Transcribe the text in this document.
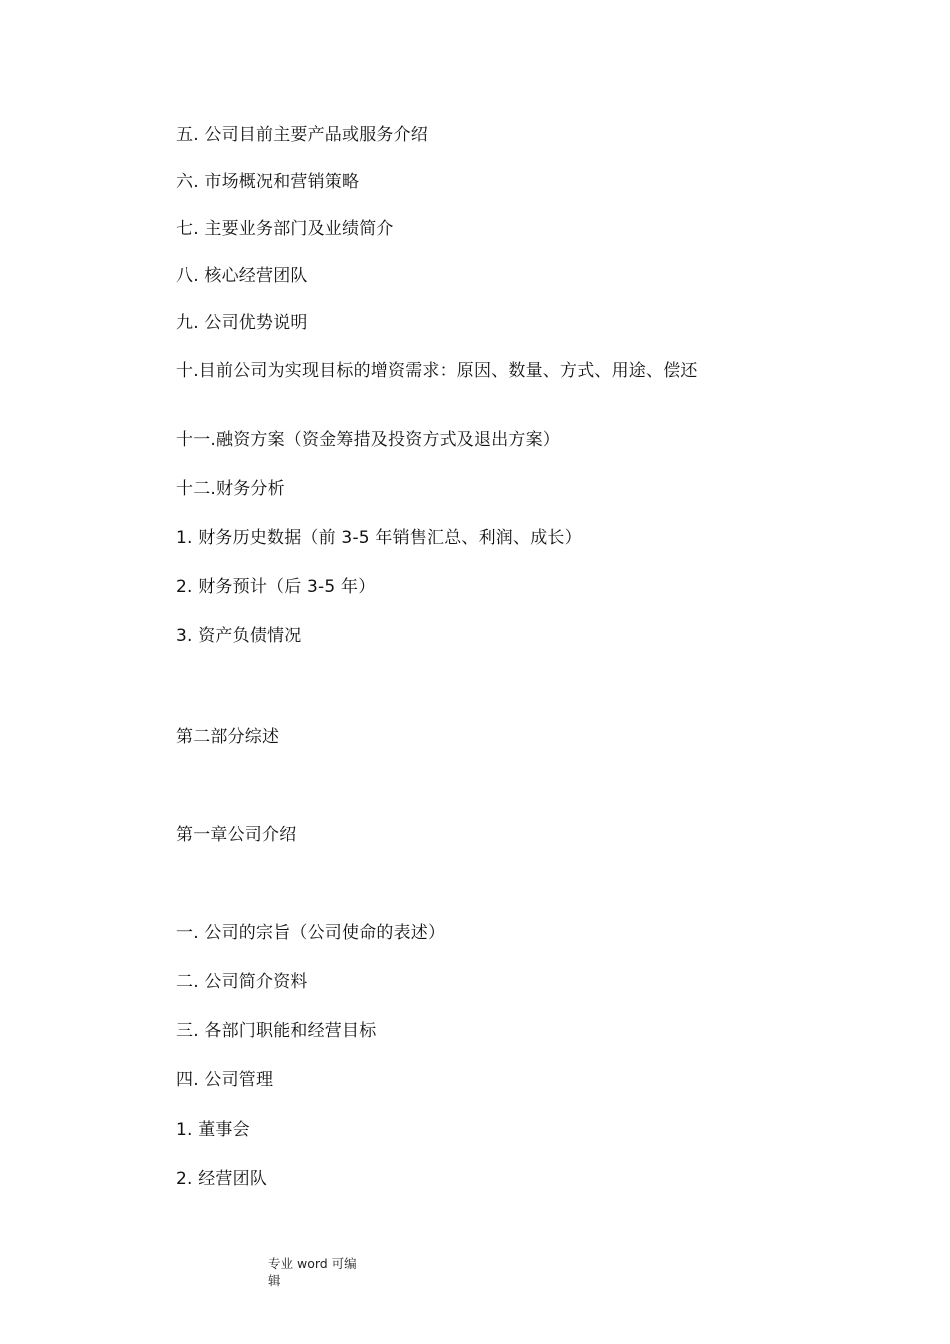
五. 公司目前主要产品或服务介绍
六. 市场概况和营销策略
七. 主要业务部门及业绩简介
八. 核心经营团队
九. 公司优势说明
十.目前公司为实现目标的增资需求：原因、数量、方式、用途、偿还
十一.融资方案（资金筹措及投资方式及退出方案）
十二.财务分析
1. 财务历史数据（前 3-5 年销售汇总、利润、成长）
2. 财务预计（后 3-5 年）
3. 资产负债情况
第二部分综述
第一章公司介绍
一. 公司的宗旨（公司使命的表述）
二. 公司简介资料
三. 各部门职能和经营目标
四. 公司管理
1. 董事会
2. 经营团队
专业 word 可编辑
